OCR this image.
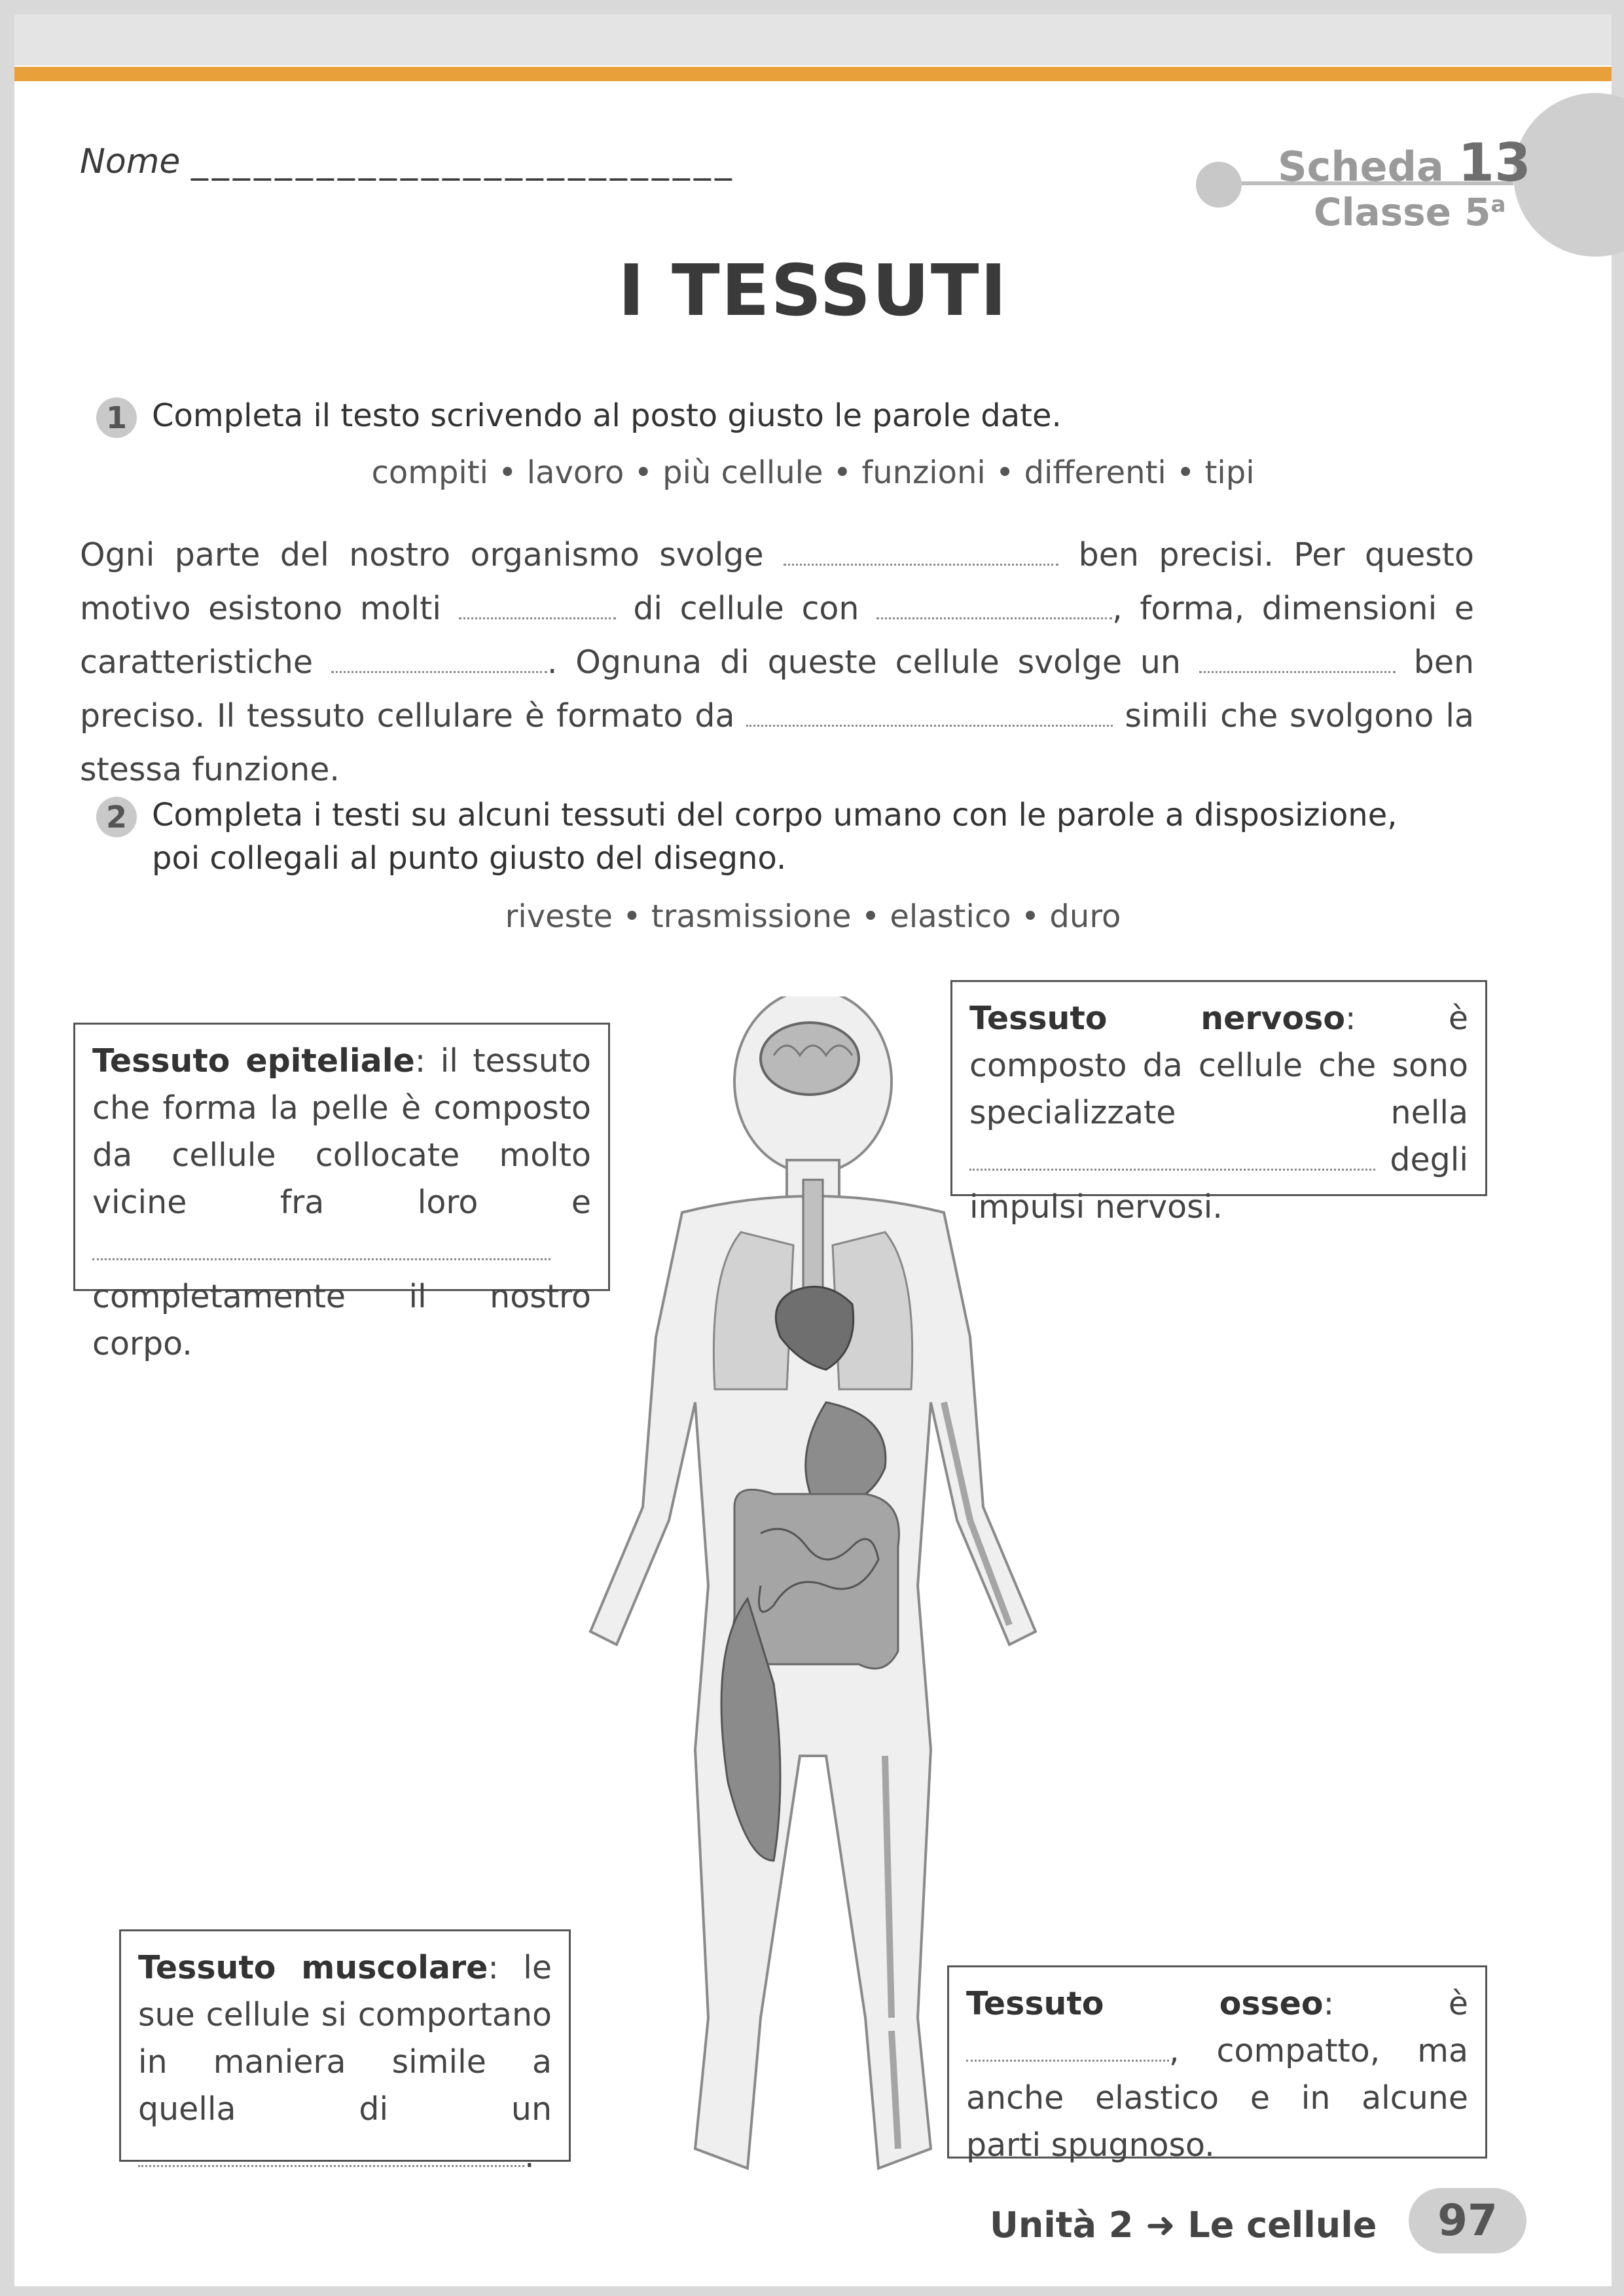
Nome __________________________	Scheda 13
Classe 5$^a$
I TESSUTI
1 Completa il testo scrivendo al posto giusto le parole date.
compiti • lavoro • più cellule • funzioni • differenti • tipi
Ogni parte del nostro organismo svolge	ben precisi. Per questo motivo esistono molti	di cellule con	, forma, dimensioni e caratteristiche	. Ognuna di queste cellule svolge un	ben preciso. Il tessuto cellulare è formato da	simili che svolgono la stessa funzione.
2 Completa i testi su alcuni tessuti del corpo umano con le parole a disposizione,
poi collegali al punto giusto del disegno.
riveste • trasmissione • elastico • duro
Tessuto epiteliale: il tessuto che forma la pelle è composto da cellule collocate molto vicine fra loro	e  completamente il nostro corpo.
Tessuto nervoso: è composto da cellule che sono specializzate	nella  degli impulsi nervosi.
Tessuto muscolare: le sue cellule si comportano in maniera simile a quella di un .
Tessuto osseo: è , compatto, ma anche elastico e in alcune parti spugnoso.
Unità 2 ➜ Le cellule	97
